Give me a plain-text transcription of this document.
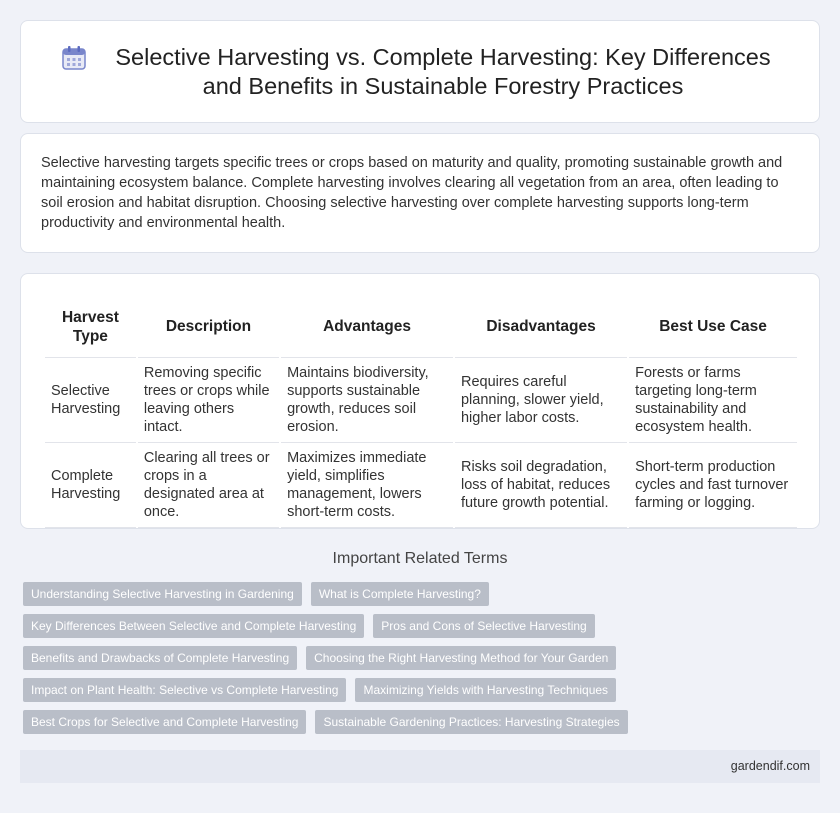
Selective Harvesting vs. Complete Harvesting: Key Differences and Benefits in Sustainable Forestry Practices

Selective harvesting targets specific trees or crops based on maturity and quality, promoting sustainable growth and maintaining ecosystem balance. Complete harvesting involves clearing all vegetation from an area, often leading to soil erosion and habitat disruption. Choosing selective harvesting over complete harvesting supports long-term productivity and environmental health.

Harvest Type	Description	Advantages	Disadvantages	Best Use Case
Selective Harvesting	Removing specific trees or crops while leaving others intact.	Maintains biodiversity, supports sustainable growth, reduces soil erosion.	Requires careful planning, slower yield, higher labor costs.	Forests or farms targeting long-term sustainability and ecosystem health.
Complete Harvesting	Clearing all trees or crops in a designated area at once.	Maximizes immediate yield, simplifies management, lowers short-term costs.	Risks soil degradation, loss of habitat, reduces future growth potential.	Short-term production cycles and fast turnover farming or logging.
Important Related Terms
Understanding Selective Harvesting in Gardening	What is Complete Harvesting?
Key Differences Between Selective and Complete Harvesting	Pros and Cons of Selective Harvesting
Benefits and Drawbacks of Complete Harvesting	Choosing the Right Harvesting Method for Your Garden
Impact on Plant Health: Selective vs Complete Harvesting	Maximizing Yields with Harvesting Techniques
Best Crops for Selective and Complete Harvesting	Sustainable Gardening Practices: Harvesting Strategies
gardendif.com
